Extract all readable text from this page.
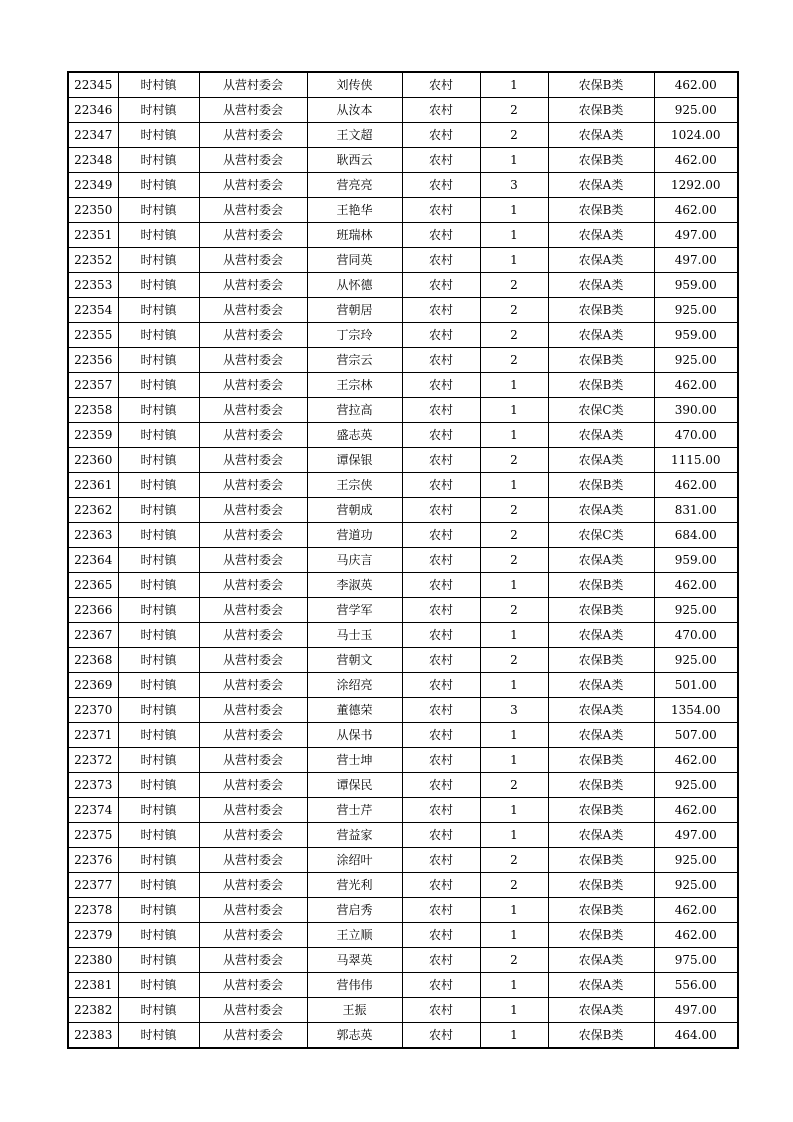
22345	时村镇	从营村委会	刘传侠	农村	1	农保B类	462.00
22346	时村镇	从营村委会	从汝本	农村	2	农保B类	925.00
22347	时村镇	从营村委会	王文超	农村	2	农保A类	1024.00
22348	时村镇	从营村委会	耿西云	农村	1	农保B类	462.00
22349	时村镇	从营村委会	营亮亮	农村	3	农保A类	1292.00
22350	时村镇	从营村委会	王艳华	农村	1	农保B类	462.00
22351	时村镇	从营村委会	班瑞林	农村	1	农保A类	497.00
22352	时村镇	从营村委会	营同英	农村	1	农保A类	497.00
22353	时村镇	从营村委会	从怀德	农村	2	农保A类	959.00
22354	时村镇	从营村委会	营朝居	农村	2	农保B类	925.00
22355	时村镇	从营村委会	丁宗玲	农村	2	农保A类	959.00
22356	时村镇	从营村委会	营宗云	农村	2	农保B类	925.00
22357	时村镇	从营村委会	王宗林	农村	1	农保B类	462.00
22358	时村镇	从营村委会	营拉高	农村	1	农保C类	390.00
22359	时村镇	从营村委会	盛志英	农村	1	农保A类	470.00
22360	时村镇	从营村委会	谭保银	农村	2	农保A类	1115.00
22361	时村镇	从营村委会	王宗侠	农村	1	农保B类	462.00
22362	时村镇	从营村委会	营朝成	农村	2	农保A类	831.00
22363	时村镇	从营村委会	营道功	农村	2	农保C类	684.00
22364	时村镇	从营村委会	马庆言	农村	2	农保A类	959.00
22365	时村镇	从营村委会	李淑英	农村	1	农保B类	462.00
22366	时村镇	从营村委会	营学军	农村	2	农保B类	925.00
22367	时村镇	从营村委会	马士玉	农村	1	农保A类	470.00
22368	时村镇	从营村委会	营朝文	农村	2	农保B类	925.00
22369	时村镇	从营村委会	涂绍亮	农村	1	农保A类	501.00
22370	时村镇	从营村委会	董德荣	农村	3	农保A类	1354.00
22371	时村镇	从营村委会	从保书	农村	1	农保A类	507.00
22372	时村镇	从营村委会	营士坤	农村	1	农保B类	462.00
22373	时村镇	从营村委会	谭保民	农村	2	农保B类	925.00
22374	时村镇	从营村委会	营士芹	农村	1	农保B类	462.00
22375	时村镇	从营村委会	营益家	农村	1	农保A类	497.00
22376	时村镇	从营村委会	涂绍叶	农村	2	农保B类	925.00
22377	时村镇	从营村委会	营光利	农村	2	农保B类	925.00
22378	时村镇	从营村委会	营启秀	农村	1	农保B类	462.00
22379	时村镇	从营村委会	王立顺	农村	1	农保B类	462.00
22380	时村镇	从营村委会	马翠英	农村	2	农保A类	975.00
22381	时村镇	从营村委会	营伟伟	农村	1	农保A类	556.00
22382	时村镇	从营村委会	王振	农村	1	农保A类	497.00
22383	时村镇	从营村委会	郭志英	农村	1	农保B类	464.00
